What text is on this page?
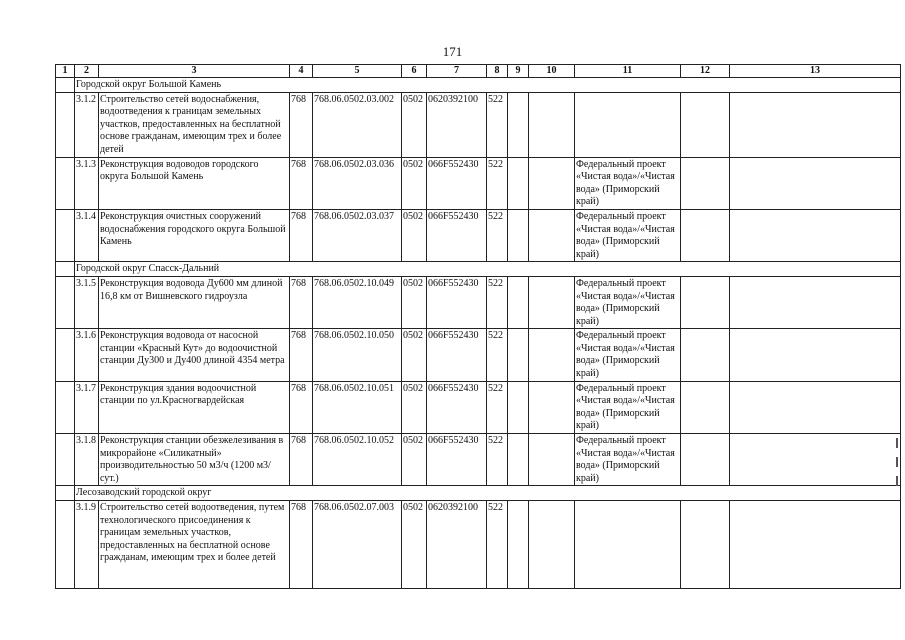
171
1	2	3	4	5	6	7	8	9	10	11	12	13
	Городской округ Большой Камень											
	3.1.2	Строительство сетей водоснабжения, водоотведения к границам земельных участков, предоставленных на бесплатной основе гражданам, имеющим трех и более детей	768	768.06.0502.03.002	0502	0620392100	522					
	3.1.3	Реконструкция водоводов городского округа Большой Камень	768	768.06.0502.03.036	0502	066F552430	522			Федеральный проект «Чистая вода»/«Чистая вода» (Приморский край)		
	3.1.4	Реконструкция очистных сооружений водоснабжения городского округа Большой Камень	768	768.06.0502.03.037	0502	066F552430	522			Федеральный проект «Чистая вода»/«Чистая вода» (Приморский край)		
	Городской округ Спасск-Дальний											
	3.1.5	Реконструкция водовода Ду600 мм длиной 16,8 км от Вишневского гидроузла	768	768.06.0502.10.049	0502	066F552430	522			Федеральный проект «Чистая вода»/«Чистая вода» (Приморский край)		
	3.1.6	Реконструкция водовода от насосной станции «Красный Кут» до водоочистной станции Ду300 и Ду400 длиной 4354 метра	768	768.06.0502.10.050	0502	066F552430	522			Федеральный проект «Чистая вода»/«Чистая вода» (Приморский край)		
	3.1.7	Реконструкция здания водоочистной станции по ул.Красногвардейская	768	768.06.0502.10.051	0502	066F552430	522			Федеральный проект «Чистая вода»/«Чистая вода» (Приморский край)		
	3.1.8	Реконструкция станции обезжелезивания в микрорайоне «Силикатный» производительностью 50 м3/ч (1200 м3/сут.)	768	768.06.0502.10.052	0502	066F552430	522			Федеральный проект «Чистая вода»/«Чистая вода» (Приморский край)		
	Лесозаводский городской округ											
	3.1.9	Строительство сетей водоотведения, путем технологического присоединения к границам земельных участков, предоставленных на бесплатной основе гражданам, имеющим трех и более детей	768	768.06.0502.07.003	0502	0620392100	522					
